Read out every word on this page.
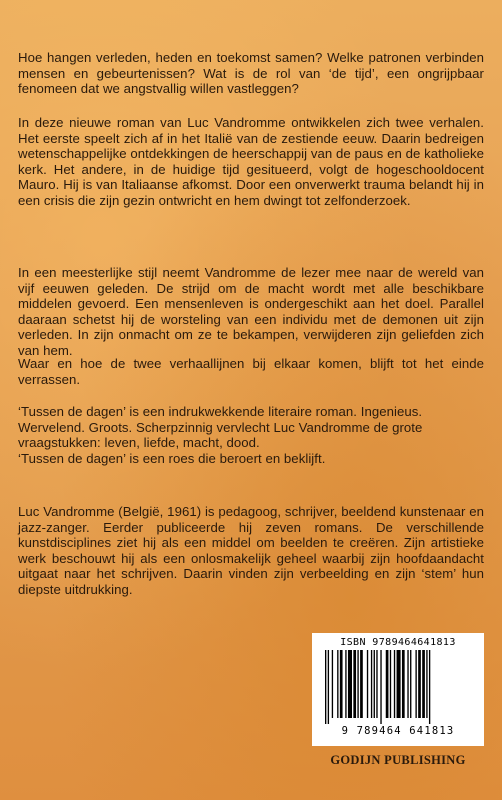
Hoe hangen verleden, heden en toekomst samen? Welke patronen verbinden mensen en gebeurtenissen? Wat is de rol van ‘de tijd’, een ongrijpbaar fenomeen dat we angstvallig willen vastleggen?

In deze nieuwe roman van Luc Vandromme ontwikkelen zich twee verhalen. Het eerste speelt zich af in het Italië van de zestiende eeuw. Daarin bedreigen wetenschappelijke ontdekkingen de heerschappij van de paus en de katholieke kerk. Het andere, in de huidige tijd gesitueerd, volgt de hogeschooldocent Mauro. Hij is van Italiaanse afkomst. Door een onverwerkt trauma belandt hij in een crisis die zijn gezin ontwricht en hem dwingt tot zelfonderzoek.

In een meesterlijke stijl neemt Vandromme de lezer mee naar de wereld van vijf eeuwen geleden. De strijd om de macht wordt met alle beschikbare middelen gevoerd. Een mensenleven is ondergeschikt aan het doel. Parallel daaraan schetst hij de worsteling van een individu met de demonen uit zijn verleden. In zijn onmacht om ze te bekampen, verwijderen zijn geliefden zich van hem.

Waar en hoe de twee verhaallijnen bij elkaar komen, blijft tot het einde verrassen.

‘Tussen de dagen’ is een indrukwekkende literaire roman. Ingenieus.
Wervelend. Groots. Scherpzinnig vervlecht Luc Vandromme de grote
vraagstukken: leven, liefde, macht, dood.
‘Tussen de dagen’ is een roes die beroert en beklijft.

Luc Vandromme (België, 1961) is pedagoog, schrijver, beeldend kunstenaar en jazz-zanger. Eerder publiceerde hij zeven romans. De verschillende kunstdisciplines ziet hij als een middel om beelden te creëren. Zijn artistieke werk beschouwt hij als een onlosmakelijk geheel waarbij zijn hoofdaandacht uitgaat naar het schrijven. Daarin vinden zijn verbeelding en zijn ‘stem’ hun diepste uitdrukking.

ISBN 9789464641813

9 789464 641813

GODIJN PUBLISHING
